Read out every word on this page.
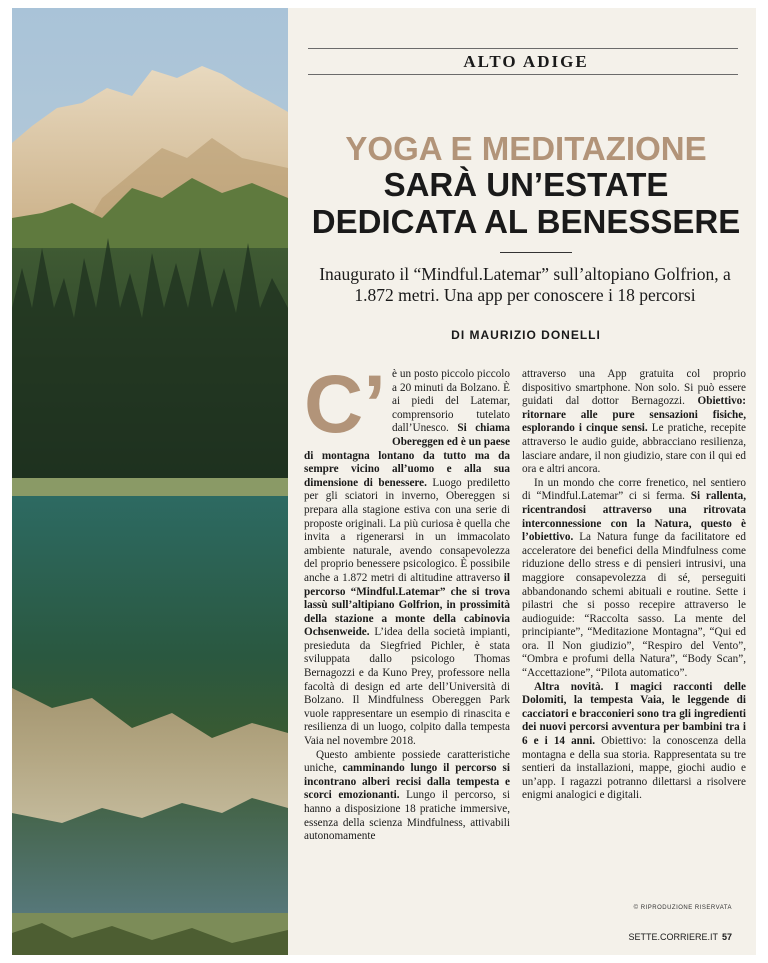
ALTO ADIGE
YOGA E MEDITAZIONE
SARÀ UN’ESTATE
DEDICATA AL BENESSERE
Inaugurato il “Mindful.Latemar” sull’altopiano Golfrion, a 1.872 metri. Una app per conoscere i 18 percorsi
DI MAURIZIO DONELLI

C’ è un posto piccolo piccolo a 20 minuti da Bolzano. È ai piedi del Latemar, comprensorio tutelato dall’Unesco. Si chiama Obereggen ed è un paese di montagna lontano da tutto ma da sempre vicino all’uomo e alla sua dimensione di benessere. Luogo prediletto per gli sciatori in inverno, Obereggen si prepara alla stagione estiva con una serie di proposte originali. La più curiosa è quella che invita a rigenerarsi in un immacolato ambiente naturale, avendo consapevolezza del proprio benessere psicologico. È possibile anche a 1.872 metri di altitudine attraverso il percorso “Mindful.Latemar” che si trova lassù sull’altipiano Golfrion, in prossimità della stazione a monte della cabinovia Ochsenweide. L’idea della società impianti, presieduta da Siegfried Pichler, è stata sviluppata dallo psicologo Thomas Bernagozzi e da Kuno Prey, professore nella facoltà di design ed arte dell’Università di Bolzano. Il Mindfulness Obereggen Park vuole rappresentare un esempio di rinascita e resilienza di un luogo, colpito dalla tempesta Vaia nel novembre 2018.

Questo ambiente possiede caratteristiche uniche, camminando lungo il percorso si incontrano alberi recisi dalla tempesta e scorci emozionanti. Lungo il percorso, si hanno a disposizione 18 pratiche immersive, essenza della scienza Mindfulness, attivabili autonomamente

attraverso una App gratuita col proprio dispositivo smartphone. Non solo. Si può essere guidati dal dottor Bernagozzi. Obiettivo: ritornare alle pure sensazioni fisiche, esplorando i cinque sensi. Le pratiche, recepite attraverso le audio guide, abbracciano resilienza, lasciare andare, il non giudizio, stare con il qui ed ora e altri ancora.

In un mondo che corre frenetico, nel sentiero di “Mindful.Latemar” ci si ferma. Si rallenta, ricentrandosi attraverso una ritrovata interconnessione con la Natura, questo è l’obiettivo. La Natura funge da facilitatore ed acceleratore dei benefici della Mindfulness come riduzione dello stress e di pensieri intrusivi, una maggiore consapevolezza di sé, perseguiti abbandonando schemi abituali e routine. Sette i pilastri che si posso recepire attraverso le audioguide: “Raccolta sasso. La mente del principiante”, “Meditazione Montagna”, “Qui ed ora. Il Non giudizio”, “Respiro del Vento”, “Ombra e profumi della Natura”, “Body Scan”, “Accettazione”, “Pilota automatico”.

Altra novità. I magici racconti delle Dolomiti, la tempesta Vaia, le leggende di cacciatori e bracconieri sono tra gli ingredienti dei nuovi percorsi avventura per bambini tra i 6 e i 14 anni. Obiettivo: la conoscenza della montagna e della sua storia. Rappresentata su tre sentieri da installazioni, mappe, giochi audio e un’app. I ragazzi potranno dilettarsi a risolvere enigmi analogici e digitali.

© RIPRODUZIONE RISERVATA
SETTE.CORRIERE.IT 57
